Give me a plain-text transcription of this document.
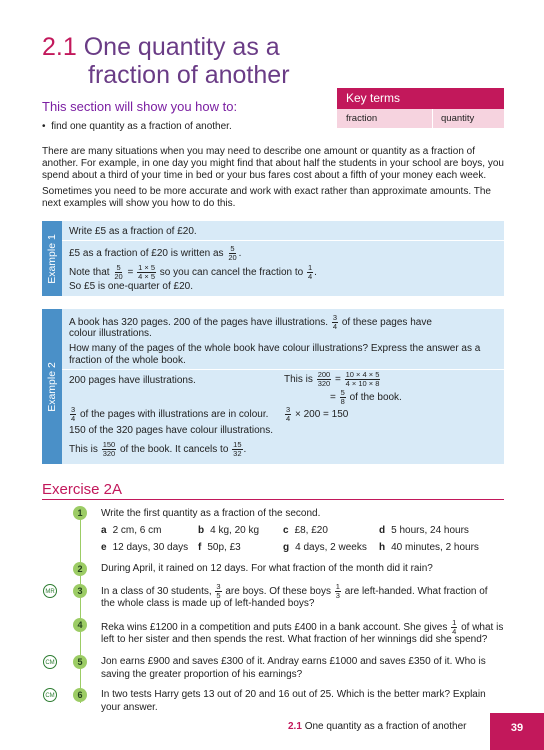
2.1 One quantity as a
fraction of another
This section will show you how to:
•  find one quantity as a fraction of another.
Key terms
fraction	quantity
There are many situations when you may need to describe one amount or quantity as a fraction of
another. For example, in one day you might find that about half the students in your school are boys, you
spend about a third of your time in bed or your bus fares cost about a fifth of your money each week.
Sometimes you need to be more accurate and work with exact rather than approximate amounts. The
next examples will show you how to do this.
Example 1
Write £5 as a fraction of £20.
£5 as a fraction of £20 is written as $\frac{5}{20}$ .
Note that $\frac{5}{20} = \frac{1 \times 5}{4 \times 5}$ so you can cancel the fraction to $\frac{1}{4}$ .
So £5 is one-quarter of £20.
Example 2
A book has 320 pages. 200 of the pages have illustrations. $\frac{3}{4}$ of these pages have
colour illustrations.
How many of the pages of the whole book have colour illustrations? Express the answer as a
fraction of the whole book.
200 pages have illustrations.	This is $\frac{200}{320} = \frac{10 \times 4 \times 5}{4 \times 10 \times 8}$
= $\frac{5}{8}$ of the book.
$\frac{3}{4}$ of the pages with illustrations are in colour. $\frac{3}{4} \times 200 = 150$
150 of the 320 pages have colour illustrations.
This is $\frac{150}{320}$ of the book. It cancels to $\frac{15}{32}$ .
Exercise 2A
1	Write the first quantity as a fraction of the second.
a 2 cm, 6 cm	b 4 kg, 20 kg c £8, £20	d 5 hours, 24 hours
e 12 days, 30 days f 50p, £3	g 4 days, 2 weeks h 40 minutes, 2 hours
2	During April, it rained on 12 days. For what fraction of the month did it rain?
MR	3	In a class of 30 students, $\frac{3}{5}$ are boys. Of these boys $\frac{1}{3}$ are left-handed. What fraction of
the whole class is made up of left-handed boys?
4	Reka wins £1200 in a competition and puts £400 in a bank account. She gives $\frac{1}{4}$ of what is
left to her sister and then spends the rest. What fraction of her winnings did she spend?
CM	5	Jon earns £900 and saves £300 of it. Andray earns £1000 and saves £350 of it. Who is
saving the greater proportion of his earnings?
CM	6	In two tests Harry gets 13 out of 20 and 16 out of 25. Which is the better mark? Explain
your answer.
2.1 One quantity as a fraction of another	39
